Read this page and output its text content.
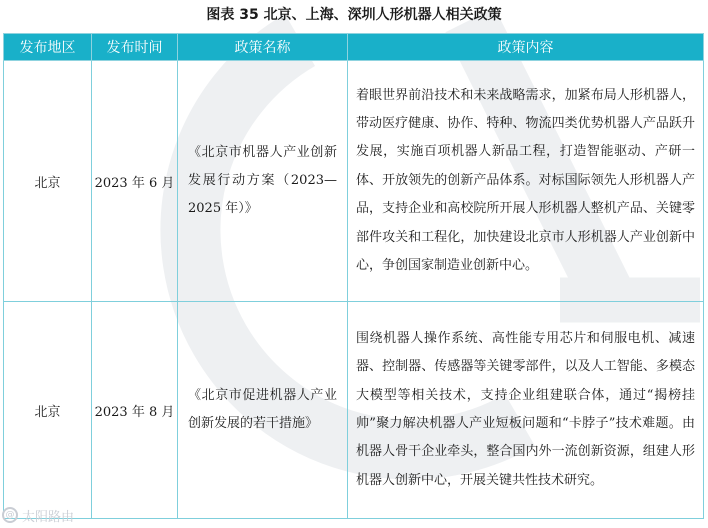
图表 35 北京、上海、深圳人形机器人相关政策
发布地区	发布时间	政策名称	政策内容
北京	2023 年 6 月	《北京市机器人产业创新发展行动方案（2023—2025 年）》	着眼世界前沿技术和未来战略需求，加紧布局人形机器人，带动医疗健康、协作、特种、物流四类优势机器人产品跃升发展，实施百项机器人新品工程，打造智能驱动、产研一体、开放领先的创新产品体系。对标国际领先人形机器人产品，支持企业和高校院所开展人形机器人整机产品、关键零部件攻关和工程化，加快建设北京市人形机器人产业创新中心，争创国家制造业创新中心。
北京	2023 年 8 月	《北京市促进机器人产业创新发展的若干措施》	围绕机器人操作系统、高性能专用芯片和伺服电机、减速器、控制器、传感器等关键零部件，以及人工智能、多模态大模型等相关技术，支持企业组建联合体，通过“揭榜挂帅”聚力解决机器人产业短板问题和“卡脖子”技术难题。由机器人骨干企业牵头，整合国内外一流创新资源，组建人形机器人创新中心，开展关键共性技术研究。
@ 太阳路由
